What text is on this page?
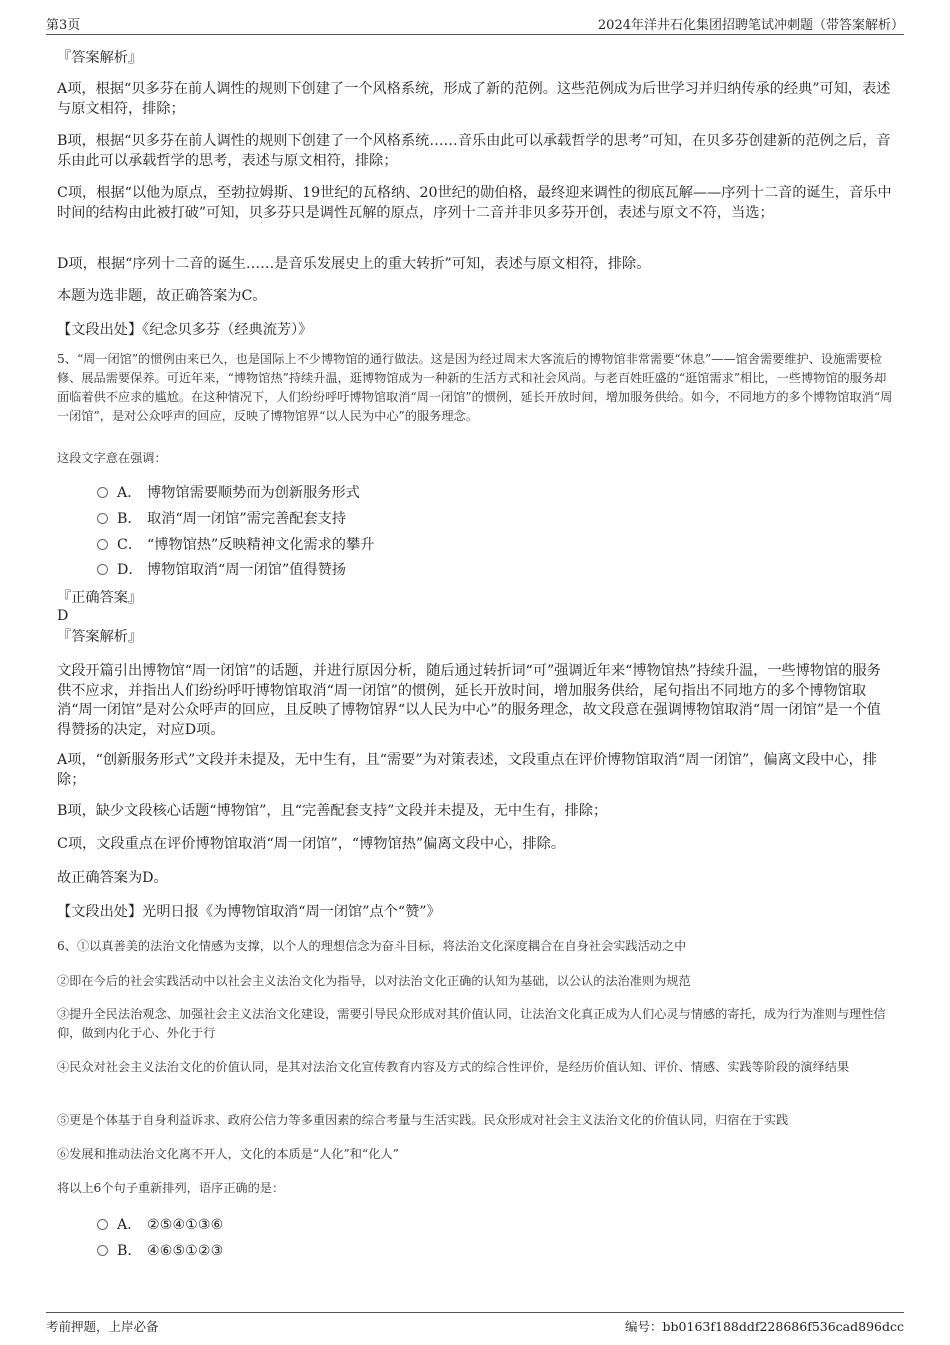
第3页	2024年洋井石化集团招聘笔试冲刺题（带答案解析）
『答案解析』
A项，根据“贝多芬在前人调性的规则下创建了一个风格系统，形成了新的范例。这些范例成为后世学习并归纳传承的经典”可知，表述与原文相符，排除；
B项，根据“贝多芬在前人调性的规则下创建了一个风格系统……音乐由此可以承载哲学的思考”可知，在贝多芬创建新的范例之后，音乐由此可以承载哲学的思考，表述与原文相符，排除；
C项，根据“以他为原点，至勃拉姆斯、19世纪的瓦格纳、20世纪的勋伯格，最终迎来调性的彻底瓦解——序列十二音的诞生，音乐中时间的结构由此被打破”可知，贝多芬只是调性瓦解的原点，序列十二音并非贝多芬开创，表述与原文不符，当选；
D项，根据“序列十二音的诞生……是音乐发展史上的重大转折”可知，表述与原文相符，排除。
本题为选非题，故正确答案为C。
【文段出处】《纪念贝多芬（经典流芳）》
5、“周一闭馆”的惯例由来已久，也是国际上不少博物馆的通行做法。这是因为经过周末大客流后的博物馆非常需要“休息”——馆舍需要维护、设施需要检修、展品需要保养。可近年来，“博物馆热”持续升温，逛博物馆成为一种新的生活方式和社会风尚。与老百姓旺盛的“逛馆需求”相比，一些博物馆的服务却面临着供不应求的尴尬。在这种情况下，人们纷纷呼吁博物馆取消“周一闭馆”的惯例，延长开放时间，增加服务供给。如今，不同地方的多个博物馆取消“周一闭馆”，是对公众呼声的回应，反映了博物馆界“以人民为中心”的服务理念。
这段文字意在强调：
A． 博物馆需要顺势而为创新服务形式
B． 取消“周一闭馆”需完善配套支持
C． “博物馆热”反映精神文化需求的攀升
D． 博物馆取消“周一闭馆”值得赞扬
『正确答案』
D
『答案解析』
文段开篇引出博物馆“周一闭馆”的话题，并进行原因分析，随后通过转折词“可”强调近年来“博物馆热”持续升温，一些博物馆的服务供不应求，并指出人们纷纷呼吁博物馆取消“周一闭馆”的惯例，延长开放时间，增加服务供给，尾句指出不同地方的多个博物馆取消“周一闭馆”是对公众呼声的回应，且反映了博物馆界“以人民为中心”的服务理念，故文段意在强调博物馆取消“周一闭馆”是一个值得赞扬的决定，对应D项。
A项，“创新服务形式”文段并未提及，无中生有，且“需要”为对策表述，文段重点在评价博物馆取消“周一闭馆”，偏离文段中心，排除；
B项，缺少文段核心话题“博物馆”，且“完善配套支持”文段并未提及，无中生有，排除；
C项，文段重点在评价博物馆取消“周一闭馆”，“博物馆热”偏离文段中心，排除。
故正确答案为D。
【文段出处】光明日报《为博物馆取消“周一闭馆”点个“赞”》
6、①以真善美的法治文化情感为支撑，以个人的理想信念为奋斗目标，将法治文化深度耦合在自身社会实践活动之中
②即在今后的社会实践活动中以社会主义法治文化为指导，以对法治文化正确的认知为基础，以公认的法治准则为规范
③提升全民法治观念、加强社会主义法治文化建设，需要引导民众形成对其价值认同，让法治文化真正成为人们心灵与情感的寄托，成为行为准则与理性信仰，做到内化于心、外化于行
④民众对社会主义法治文化的价值认同，是其对法治文化宣传教育内容及方式的综合性评价，是经历价值认知、评价、情感、实践等阶段的演绎结果
⑤更是个体基于自身利益诉求、政府公信力等多重因素的综合考量与生活实践。民众形成对社会主义法治文化的价值认同，归宿在于实践
⑥发展和推动法治文化离不开人，文化的本质是“人化”和“化人”
将以上6个句子重新排列，语序正确的是：
A． ②⑤④①③⑥
B． ④⑥⑤①②③
考前押题，上岸必备	编号：bb0163f188ddf228686f536cad896dcc
